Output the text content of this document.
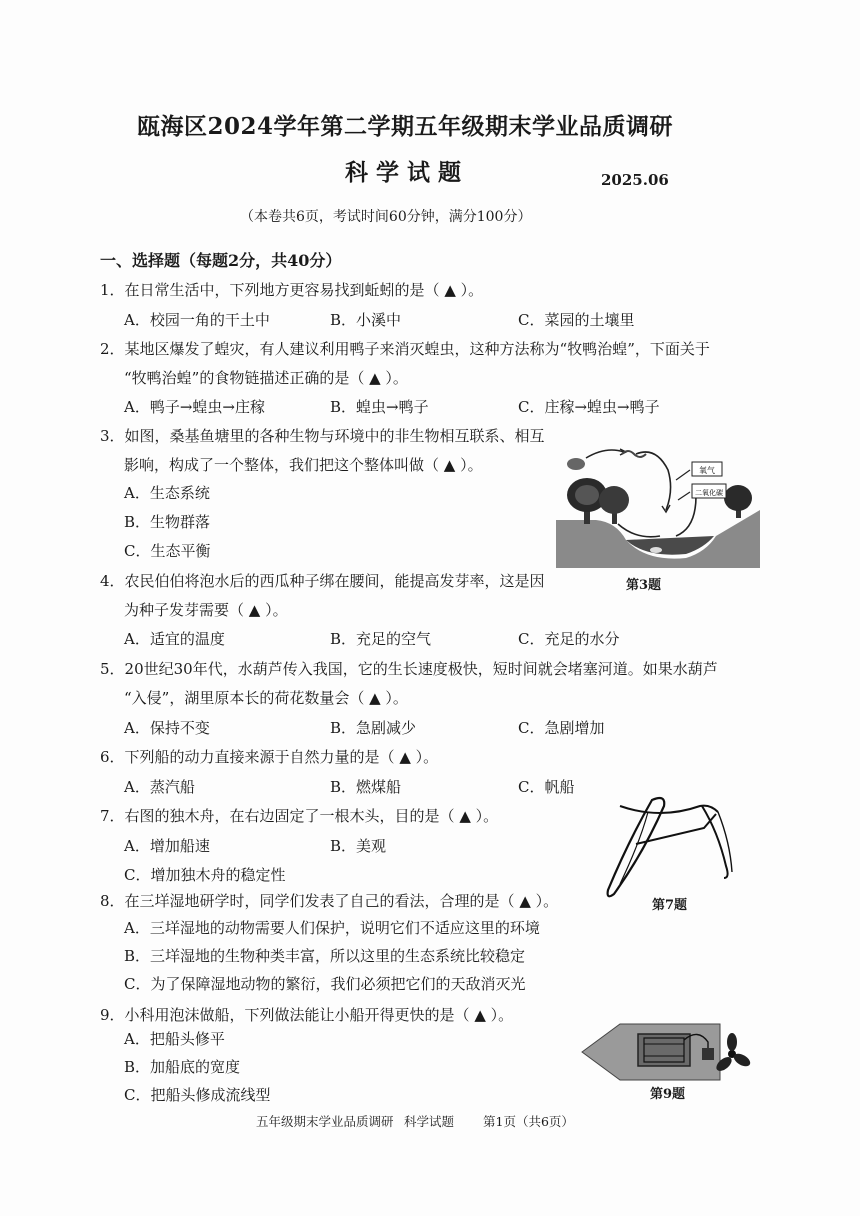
瓯海区2024学年第二学期五年级期末学业品质调研
科学试题	2025.06
（本卷共6页，考试时间60分钟，满分100分）
一、选择题（每题2分，共40分）
1．在日常生活中，下列地方更容易找到蚯蚓的是（ ▲ ）。
A．校园一角的干土中	B．小溪中	C．菜园的土壤里
2．某地区爆发了蝗灾，有人建议利用鸭子来消灭蝗虫，这种方法称为“牧鸭治蝗”，下面关于
“牧鸭治蝗”的食物链描述正确的是（ ▲ ）。
A．鸭子→蝗虫→庄稼	B．蝗虫→鸭子	C．庄稼→蝗虫→鸭子
3．如图，桑基鱼塘里的各种生物与环境中的非生物相互联系、相互
影响，构成了一个整体，我们把这个整体叫做（ ▲ ）。
A．生态系统
B．生物群落
C．生态平衡
氧气
二氧化碳
第3题
4．农民伯伯将泡水后的西瓜种子绑在腰间，能提高发芽率，这是因
为种子发芽需要（ ▲ ）。
A．适宜的温度	B．充足的空气	C．充足的水分
5．20世纪30年代，水葫芦传入我国，它的生长速度极快，短时间就会堵塞河道。如果水葫芦
“入侵”，湖里原本长的荷花数量会（ ▲ ）。
A．保持不变	B．急剧减少	C．急剧增加
6．下列船的动力直接来源于自然力量的是（ ▲ ）。
A．蒸汽船	B．燃煤船	C．帆船
7．右图的独木舟，在右边固定了一根木头，目的是（ ▲ ）。
A．增加船速	B．美观
C．增加独木舟的稳定性
第7题
8．在三垟湿地研学时，同学们发表了自己的看法，合理的是（ ▲ ）。
A．三垟湿地的动物需要人们保护，说明它们不适应这里的环境
B．三垟湿地的生物种类丰富，所以这里的生态系统比较稳定
C．为了保障湿地动物的繁衍，我们必须把它们的天敌消灭光
9．小科用泡沫做船，下列做法能让小船开得更快的是（ ▲ ）。
A．把船头修平
B．加船底的宽度
C．把船头修成流线型	第9题
五年级期末学业品质调研 科学试题 第1页（共6页）
